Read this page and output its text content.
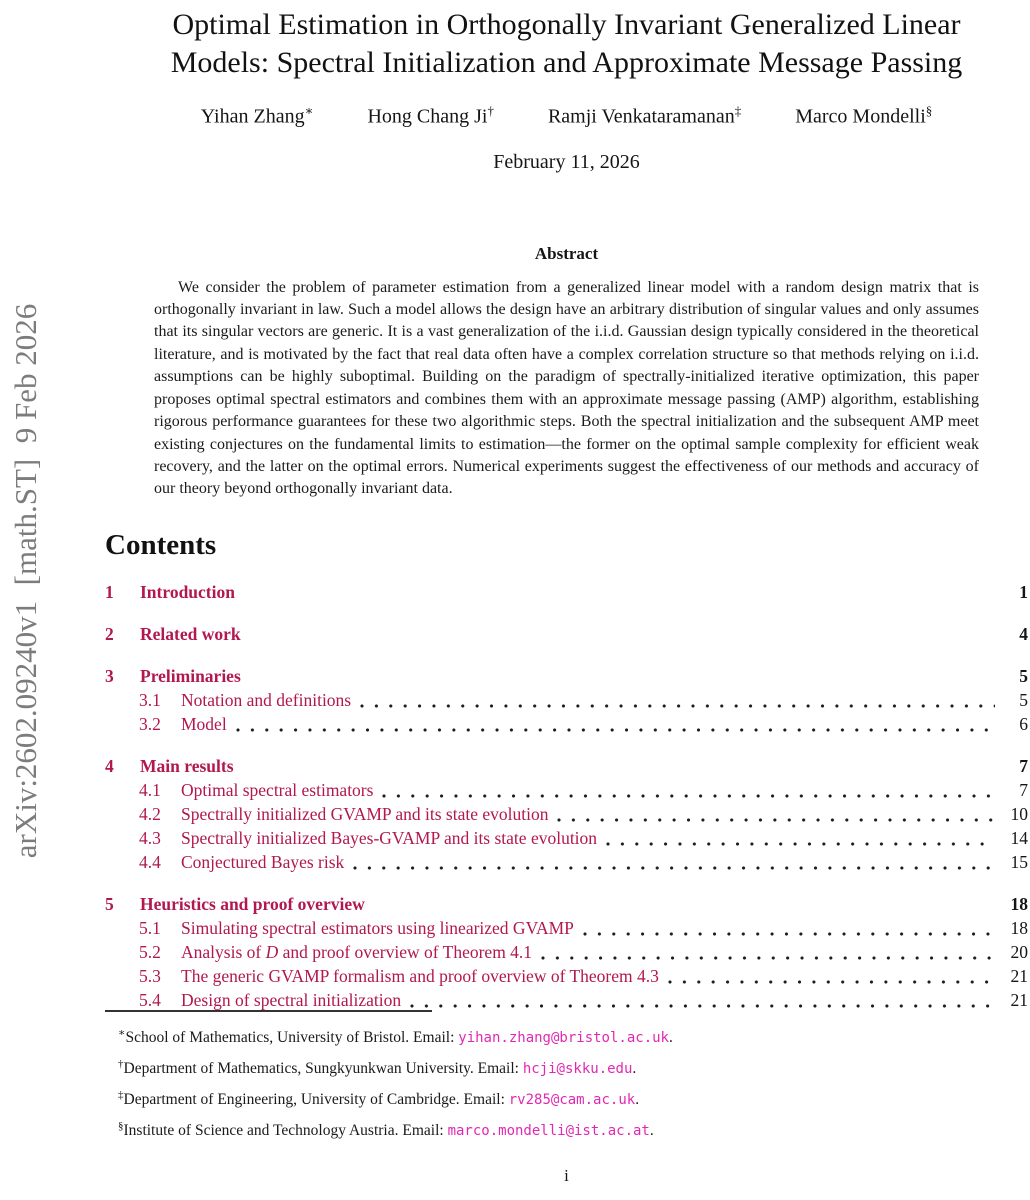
arXiv:2602.09240v1  [math.ST]  9 Feb 2026
Optimal Estimation in Orthogonally Invariant Generalized Linear
Models: Spectral Initialization and Approximate Message Passing
Yihan Zhang∗	Hong Chang Ji†	Ramji Venkataramanan‡	Marco Mondelli§
February 11, 2026
Abstract

We consider the problem of parameter estimation from a generalized linear model with a random design matrix that is orthogonally invariant in law. Such a model allows the design have an arbitrary distribution of singular values and only assumes that its singular vectors are generic. It is a vast generalization of the i.i.d. Gaussian design typically considered in the theoretical literature, and is motivated by the fact that real data often have a complex correlation structure so that methods relying on i.i.d. assumptions can be highly suboptimal. Building on the paradigm of spectrally-initialized iterative optimization, this paper proposes optimal spectral estimators and combines them with an approximate message passing (AMP) algorithm, establishing rigorous performance guarantees for these two algorithmic steps. Both the spectral initialization and the subsequent AMP meet existing conjectures on the fundamental limits to estimation—the former on the optimal sample complexity for efficient weak recovery, and the latter on the optimal errors. Numerical experiments suggest the effectiveness of our methods and accuracy of our theory beyond orthogonally invariant data.

Contents
1	Introduction	1
2	Related work	4
3	Preliminaries	5
3.1	Notation and definitions	5
3.2	Model	6
4	Main results	7
4.1	Optimal spectral estimators	7
4.2	Spectrally initialized GVAMP and its state evolution	10
4.3	Spectrally initialized Bayes-GVAMP and its state evolution	14
4.4	Conjectured Bayes risk	15
5	Heuristics and proof overview	18
5.1	Simulating spectral estimators using linearized GVAMP	18
5.2	Analysis of D and proof overview of Theorem 4.1	20
5.3	The generic GVAMP formalism and proof overview of Theorem 4.3	21
5.4	Design of spectral initialization	21
∗School of Mathematics, University of Bristol. Email: yihan.zhang@bristol.ac.uk.
†Department of Mathematics, Sungkyunkwan University. Email: hcji@skku.edu.
‡Department of Engineering, University of Cambridge. Email: rv285@cam.ac.uk.
§Institute of Science and Technology Austria. Email: marco.mondelli@ist.ac.at.
i
